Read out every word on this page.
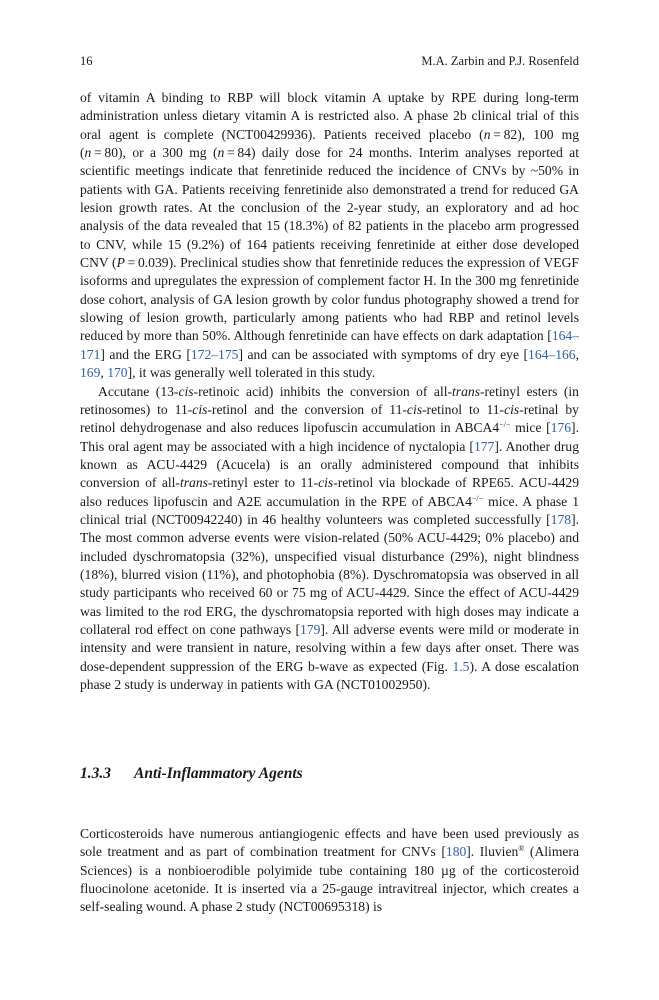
16	M.A. Zarbin and P.J. Rosenfeld

of vitamin A binding to RBP will block vitamin A uptake by RPE during long-term administration unless dietary vitamin A is restricted also. A phase 2b clinical trial of this oral agent is complete (NCT00429936). Patients received placebo (n = 82), 100 mg (n = 80), or a 300 mg (n = 84) daily dose for 24 months. Interim analyses reported at scientific meetings indicate that fenretinide reduced the incidence of CNVs by ~50% in patients with GA. Patients receiving fenretinide also demonstrated a trend for reduced GA lesion growth rates. At the conclusion of the 2-year study, an exploratory and ad hoc analysis of the data revealed that 15 (18.3%) of 82 patients in the placebo arm progressed to CNV, while 15 (9.2%) of 164 patients receiving fenretinide at either dose developed CNV (P = 0.039). Preclinical studies show that fenretinide reduces the expression of VEGF isoforms and upregulates the expression of complement factor H. In the 300 mg fenretinide dose cohort, analysis of GA lesion growth by color fundus photography showed a trend for slowing of lesion growth, particularly among patients who had RBP and retinol levels reduced by more than 50%. Although fenretinide can have effects on dark adaptation [164–171] and the ERG [172–175] and can be associated with symptoms of dry eye [164–166, 169, 170], it was generally well tolerated in this study.

Accutane (13-cis-retinoic acid) inhibits the conversion of all-trans-retinyl esters (in retinosomes) to 11-cis-retinol and the conversion of 11-cis-retinol to 11-cis-retinal by retinol dehydrogenase and also reduces lipofuscin accumulation in ABCA4−/− mice [176]. This oral agent may be associated with a high incidence of nyctalopia [177]. Another drug known as ACU-4429 (Acucela) is an orally administered compound that inhibits conversion of all-trans-retinyl ester to 11-cis-retinol via blockade of RPE65. ACU-4429 also reduces lipofuscin and A2E accumulation in the RPE of ABCA4−/− mice. A phase 1 clinical trial (NCT00942240) in 46 healthy volunteers was completed successfully [178]. The most common adverse events were vision-related (50% ACU-4429; 0% placebo) and included dyschromatopsia (32%), unspecified visual disturbance (29%), night blindness (18%), blurred vision (11%), and photophobia (8%). Dyschromatopsia was observed in all study participants who received 60 or 75 mg of ACU-4429. Since the effect of ACU-4429 was limited to the rod ERG, the dyschromatopsia reported with high doses may indicate a collateral rod effect on cone pathways [179]. All adverse events were mild or moderate in intensity and were transient in nature, resolving within a few days after onset. There was dose-dependent suppression of the ERG b-wave as expected (Fig. 1.5). A dose escalation phase 2 study is underway in patients with GA (NCT01002950).

1.3.3 Anti-Inflammatory Agents

Corticosteroids have numerous antiangiogenic effects and have been used previously as sole treatment and as part of combination treatment for CNVs [180]. Iluvien® (Alimera Sciences) is a nonbioerodible polyimide tube containing 180 µg of the corticosteroid fluocinolone acetonide. It is inserted via a 25-gauge intravitreal injector, which creates a self-sealing wound. A phase 2 study (NCT00695318) is
